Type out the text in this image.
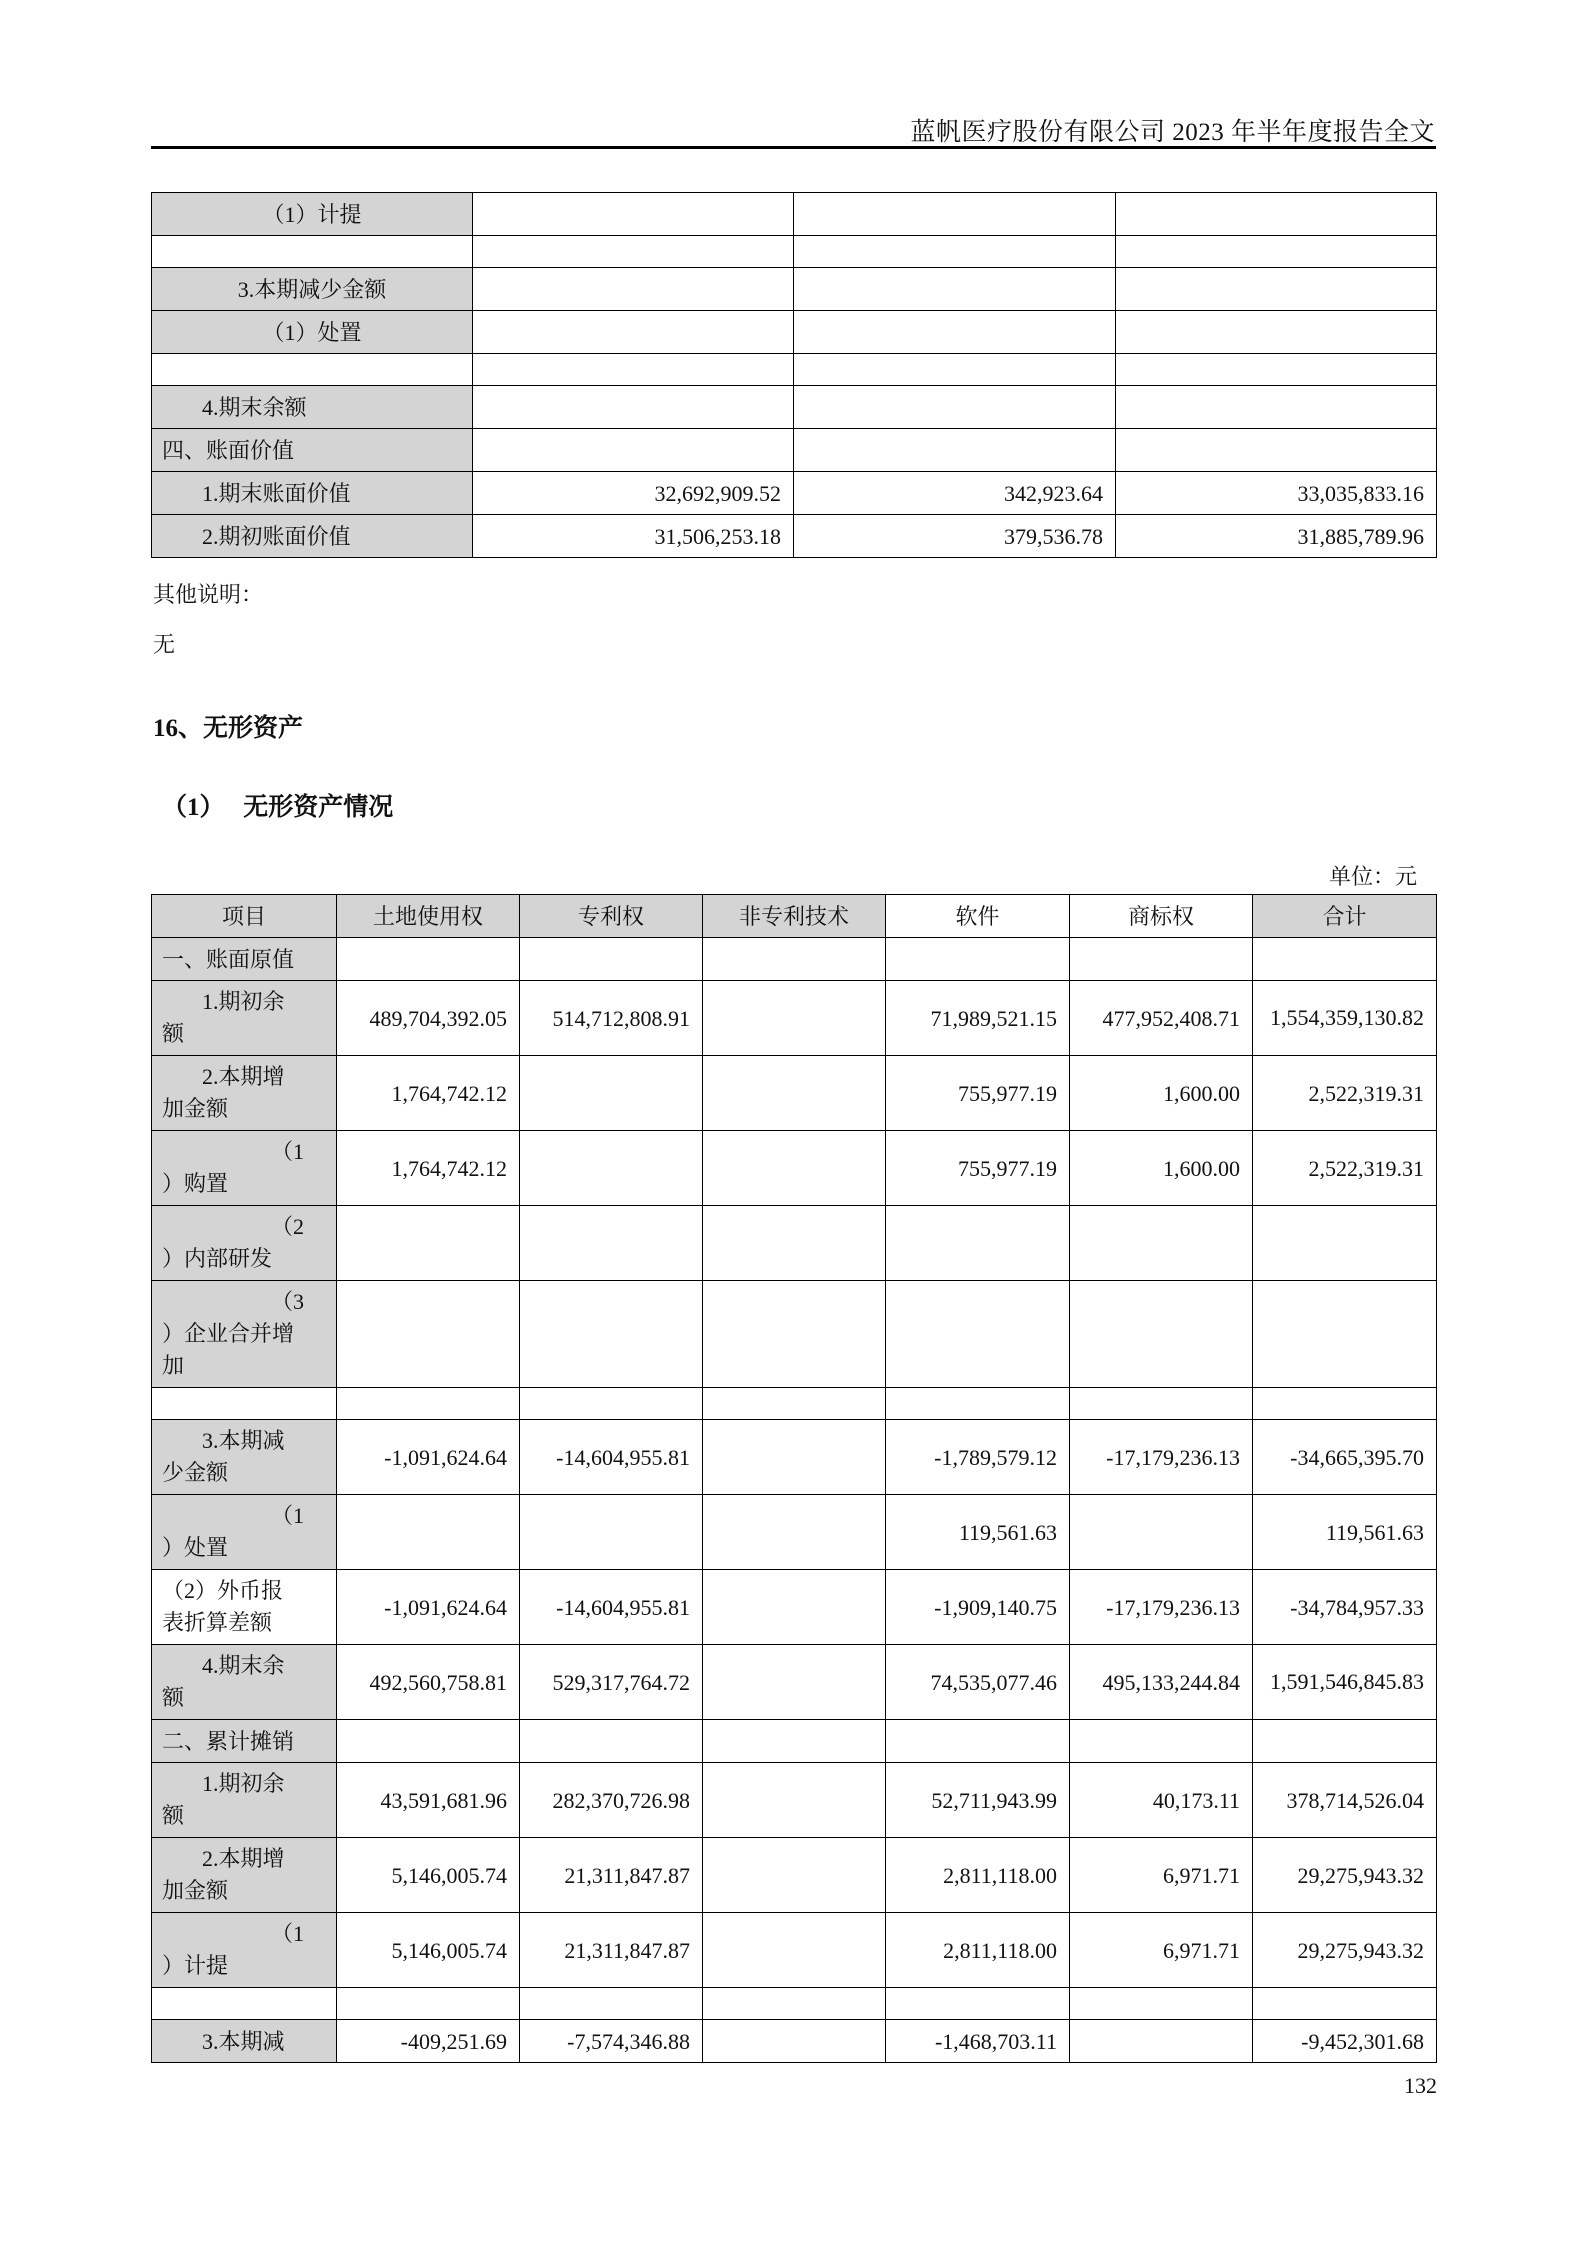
蓝帆医疗股份有限公司 2023 年半年度报告全文
（1）计提			

3.本期减少金额			
（1）处置			

4.期末余额			
四、账面价值			
1.期末账面价值	32,692,909.52	342,923.64	33,035,833.16
2.期初账面价值	31,506,253.18	379,536.78	31,885,789.96
其他说明：
无
16、无形资产
（1）   无形资产情况
单位：元
项目	土地使用权	专利权	非专利技术	软件	商标权	合计
一、账面原值						

1.期初余
额	489,704,392.05	514,712,808.91		71,989,521.15	477,952,408.71	1,554,359,130.82

2.本期增
加金额	1,764,742.12			755,977.19	1,600.00	2,522,319.31

（1
）购置	1,764,742.12			755,977.19	1,600.00	2,522,319.31

（2
）内部研发						

（3
）企业合并增
加						

3.本期减
少金额	-1,091,624.64	-14,604,955.81		-1,789,579.12	-17,179,236.13	-34,665,395.70

（1
）处置				119,561.63		119,561.63

（2）外币报
表折算差额	-1,091,624.64	-14,604,955.81		-1,909,140.75	-17,179,236.13	-34,784,957.33

4.期末余
额	492,560,758.81	529,317,764.72		74,535,077.46	495,133,244.84	1,591,546,845.83
二、累计摊销						

1.期初余
额	43,591,681.96	282,370,726.98		52,711,943.99	40,173.11	378,714,526.04

2.本期增
加金额	5,146,005.74	21,311,847.87		2,811,118.00	6,971.71	29,275,943.32

（1
）计提	5,146,005.74	21,311,847.87		2,811,118.00	6,971.71	29,275,943.32

3.本期减	-409,251.69	-7,574,346.88		-1,468,703.11		-9,452,301.68
132
